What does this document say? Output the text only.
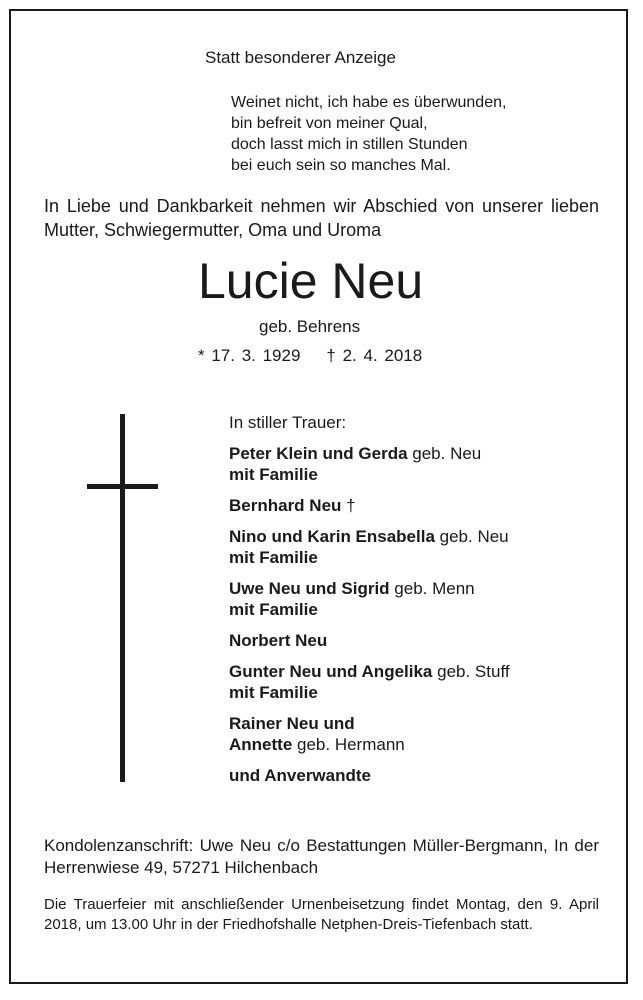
Statt besonderer Anzeige
Weinet nicht, ich habe es überwunden,
bin befreit von meiner Qual,
doch lasst mich in stillen Stunden
bei euch sein so manches Mal.
In Liebe und Dankbarkeit nehmen wir Abschied von unserer lieben Mutter, Schwiegermutter, Oma und Uroma
Lucie Neu
geb. Behrens
* 17. 3. 1929 † 2. 4. 2018
In stiller Trauer:
Peter Klein und Gerda geb. Neu
mit Familie
Bernhard Neu †
Nino und Karin Ensabella geb. Neu
mit Familie
Uwe Neu und Sigrid geb. Menn
mit Familie
Norbert Neu
Gunter Neu und Angelika geb. Stuff
mit Familie
Rainer Neu und
Annette geb. Hermann
und Anverwandte
Kondolenzanschrift: Uwe Neu c/o Bestattungen Müller-Bergmann, In der Herrenwiese 49, 57271 Hilchenbach
Die Trauerfeier mit anschließender Urnenbeisetzung findet Montag, den 9. April 2018, um 13.00 Uhr in der Friedhofshalle Netphen-Dreis-Tiefenbach statt.
